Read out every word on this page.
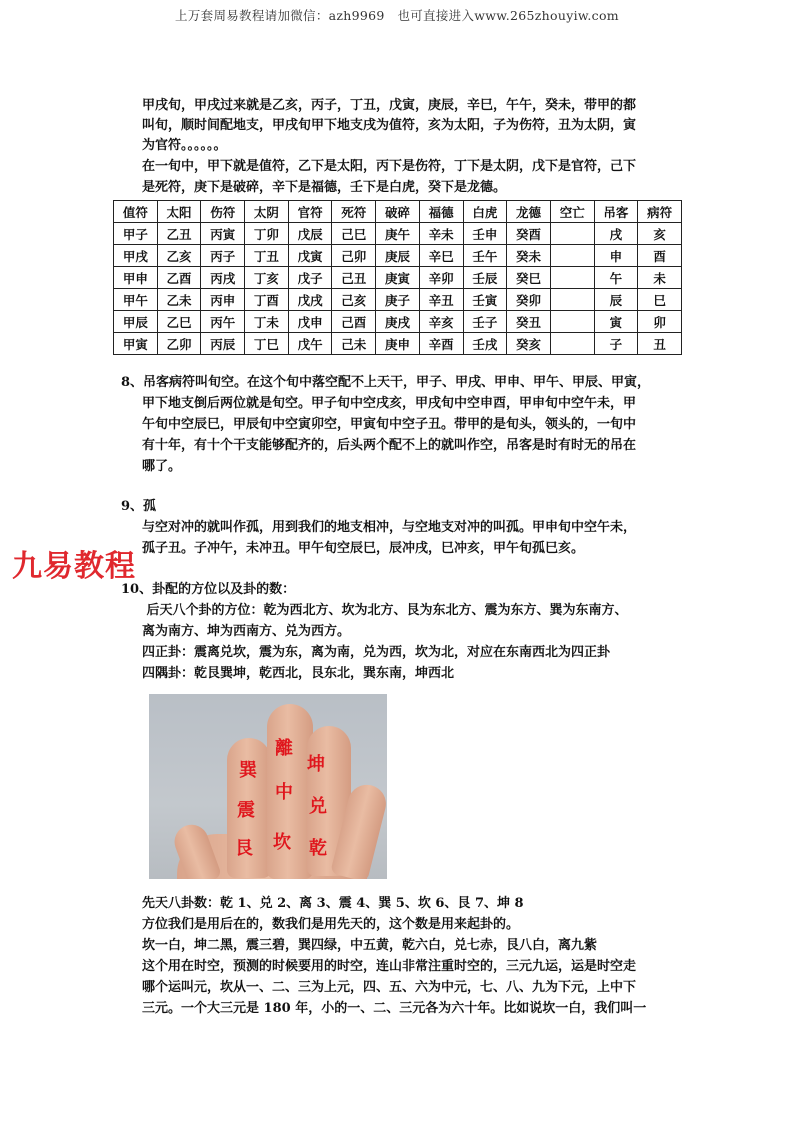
上万套周易教程请加微信：azh9969　也可直接进入www.265zhouyiw.com

甲戌旬，甲戌过来就是乙亥，丙子，丁丑，戊寅，庚辰，辛巳，午午，癸未，带甲的都

叫旬，顺时间配地支，甲戌旬甲下地支戌为值符，亥为太阳，子为伤符，丑为太阴，寅

为官符。。。。。。

在一旬中，甲下就是值符，乙下是太阳，丙下是伤符，丁下是太阴，戊下是官符，己下

是死符，庚下是破碎，辛下是福德，壬下是白虎，癸下是龙德。

值符	太阳	伤符	太阴	官符	死符	破碎	福德	白虎	龙德	空亡	吊客	病符
甲子	乙丑	丙寅	丁卯	戊辰	己巳	庚午	辛未	壬申	癸酉		戌	亥
甲戌	乙亥	丙子	丁丑	戊寅	己卯	庚辰	辛巳	壬午	癸未		申	酉
甲申	乙酉	丙戌	丁亥	戊子	己丑	庚寅	辛卯	壬辰	癸巳		午	未
甲午	乙未	丙申	丁酉	戊戌	己亥	庚子	辛丑	壬寅	癸卯		辰	巳
甲辰	乙巳	丙午	丁未	戊申	己酉	庚戌	辛亥	壬子	癸丑		寅	卯
甲寅	乙卯	丙辰	丁巳	戊午	己未	庚申	辛酉	壬戌	癸亥		子	丑

8、吊客病符叫旬空。在这个旬中落空配不上天干，甲子、甲戌、甲申、甲午、甲辰、甲寅，

甲下地支倒后两位就是旬空。甲子旬中空戌亥，甲戌旬中空申酉，甲申旬中空午未，甲

午旬中空辰巳，甲辰旬中空寅卯空，甲寅旬中空子丑。带甲的是旬头，领头的，一旬中

有十年，有十个干支能够配齐的，后头两个配不上的就叫作空，吊客是时有时无的吊在

哪了。

9、孤

与空对冲的就叫作孤，用到我们的地支相冲，与空地支对冲的叫孤。甲申旬中空午未，

孤子丑。子冲午，未冲丑。甲午旬空辰巳，辰冲戌，巳冲亥，甲午旬孤巳亥。

九易教程

10、卦配的方位以及卦的数：

后天八个卦的方位：乾为西北方、坎为北方、艮为东北方、震为东方、巽为东南方、

离为南方、坤为西南方、兑为西方。

四正卦：震离兑坎，震为东，离为南，兑为西，坎为北，对应在东南西北为四正卦

四隅卦：乾艮巽坤，乾西北，艮东北，巽东南，坤西北

離
巽	坤
中
震	兑
艮 坎 乾

先天八卦数：乾 1、兑 2、离 3、震 4、巽 5、坎 6、艮 7、坤 8

方位我们是用后在的，数我们是用先天的，这个数是用来起卦的。

坎一白，坤二黑，震三碧，巽四绿，中五黄，乾六白，兑七赤，艮八白，离九紫

这个用在时空，预测的时候要用的时空，连山非常注重时空的，三元九运，运是时空走

哪个运叫元，坎从一、二、三为上元，四、五、六为中元，七、八、九为下元，上中下

三元。一个大三元是 180 年，小的一、二、三元各为六十年。比如说坎一白，我们叫一
